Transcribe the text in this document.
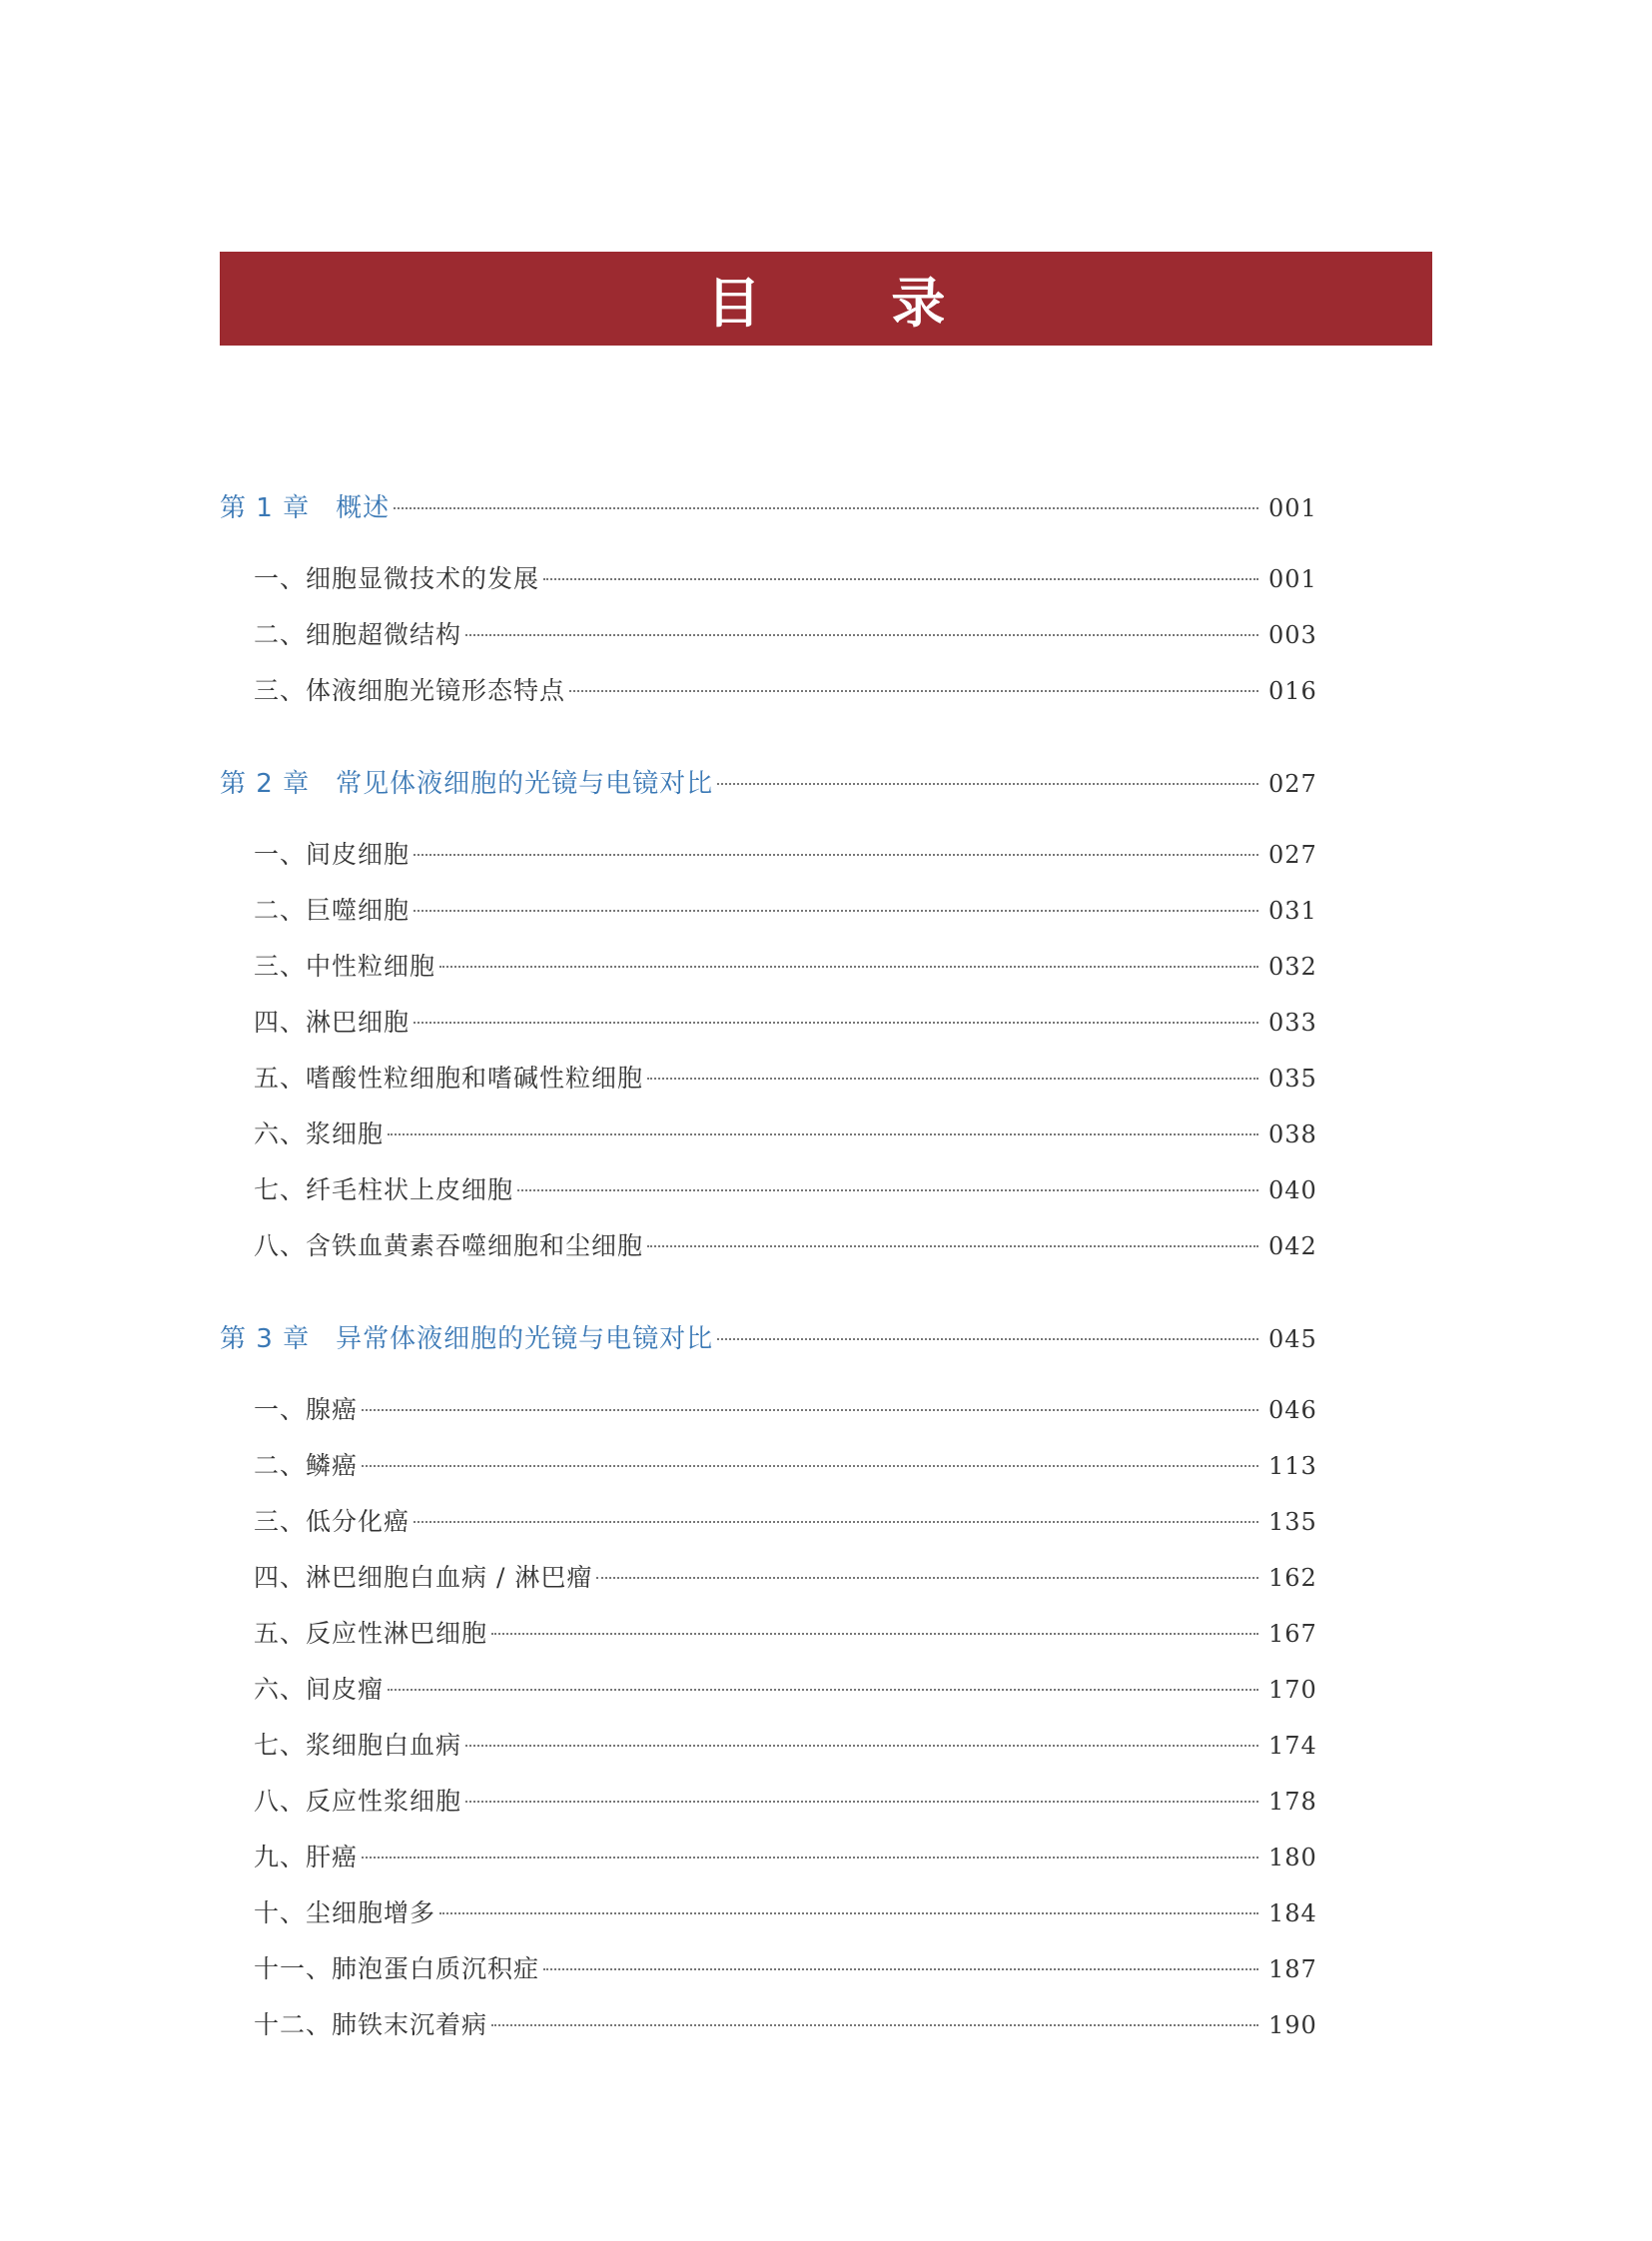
目 录
第 1 章 概述	001
一、细胞显微技术的发展	001
二、细胞超微结构	003
三、体液细胞光镜形态特点	016
第 2 章 常见体液细胞的光镜与电镜对比	027
一、间皮细胞	027
二、巨噬细胞	031
三、中性粒细胞	032
四、淋巴细胞	033
五、嗜酸性粒细胞和嗜碱性粒细胞	035
六、浆细胞	038
七、纤毛柱状上皮细胞	040
八、含铁血黄素吞噬细胞和尘细胞	042
第 3 章 异常体液细胞的光镜与电镜对比	045
一、腺癌	046
二、鳞癌	113
三、低分化癌	135
四、淋巴细胞白血病 / 淋巴瘤	162
五、反应性淋巴细胞	167
六、间皮瘤	170
七、浆细胞白血病	174
八、反应性浆细胞	178
九、肝癌	180
十、尘细胞增多	184
十一、肺泡蛋白质沉积症	187
十二、肺铁末沉着病	190
